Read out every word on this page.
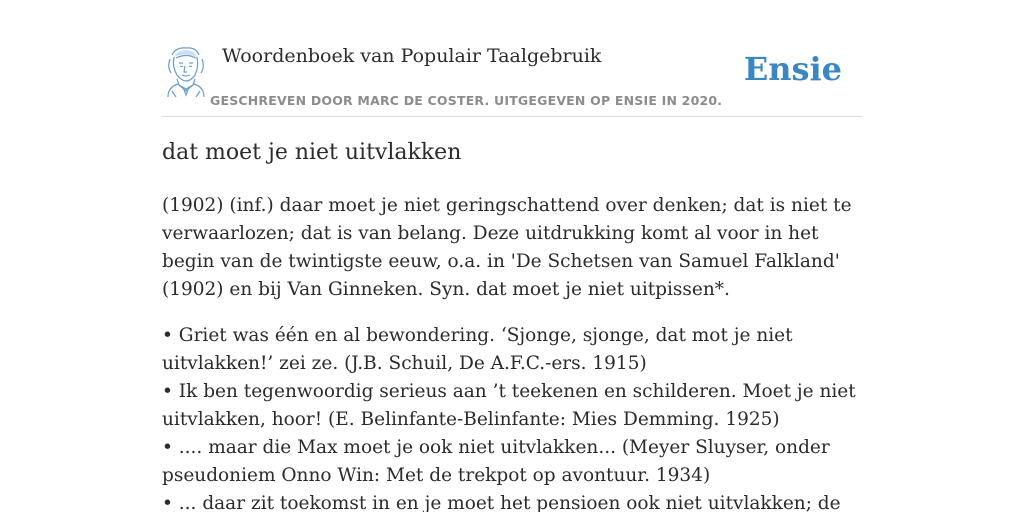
Woordenboek van Populair Taalgebruik
GESCHREVEN DOOR MARC DE COSTER. UITGEGEVEN OP ENSIE IN 2020.
Ensie
dat moet je niet uitvlakken

(1902) (inf.) daar moet je niet geringschattend over denken; dat is niet te verwaarlozen; dat is van belang. Deze uitdrukking komt al voor in het begin van de twintigste eeuw, o.a. in 'De Schetsen van Samuel Falkland' (1902) en bij Van Ginneken. Syn. dat moet je niet uitpissen*.

• Griet was één en al bewondering. ‘Sjonge, sjonge, dat mot je niet uitvlakken!’ zei ze. (J.B. Schuil, De A.F.C.-ers. 1915)
• Ik ben tegenwoordig serieus aan ’t teekenen en schilderen. Moet je niet uitvlakken, hoor! (E. Belinfante-Belinfante: Mies Demming. 1925)
• .... maar die Max moet je ook niet uitvlakken... (Meyer Sluyser, onder pseudoniem Onno Win: Met de trekpot op avontuur. 1934)
• ... daar zit toekomst in en je moet het pensioen ook niet uitvlakken; de
